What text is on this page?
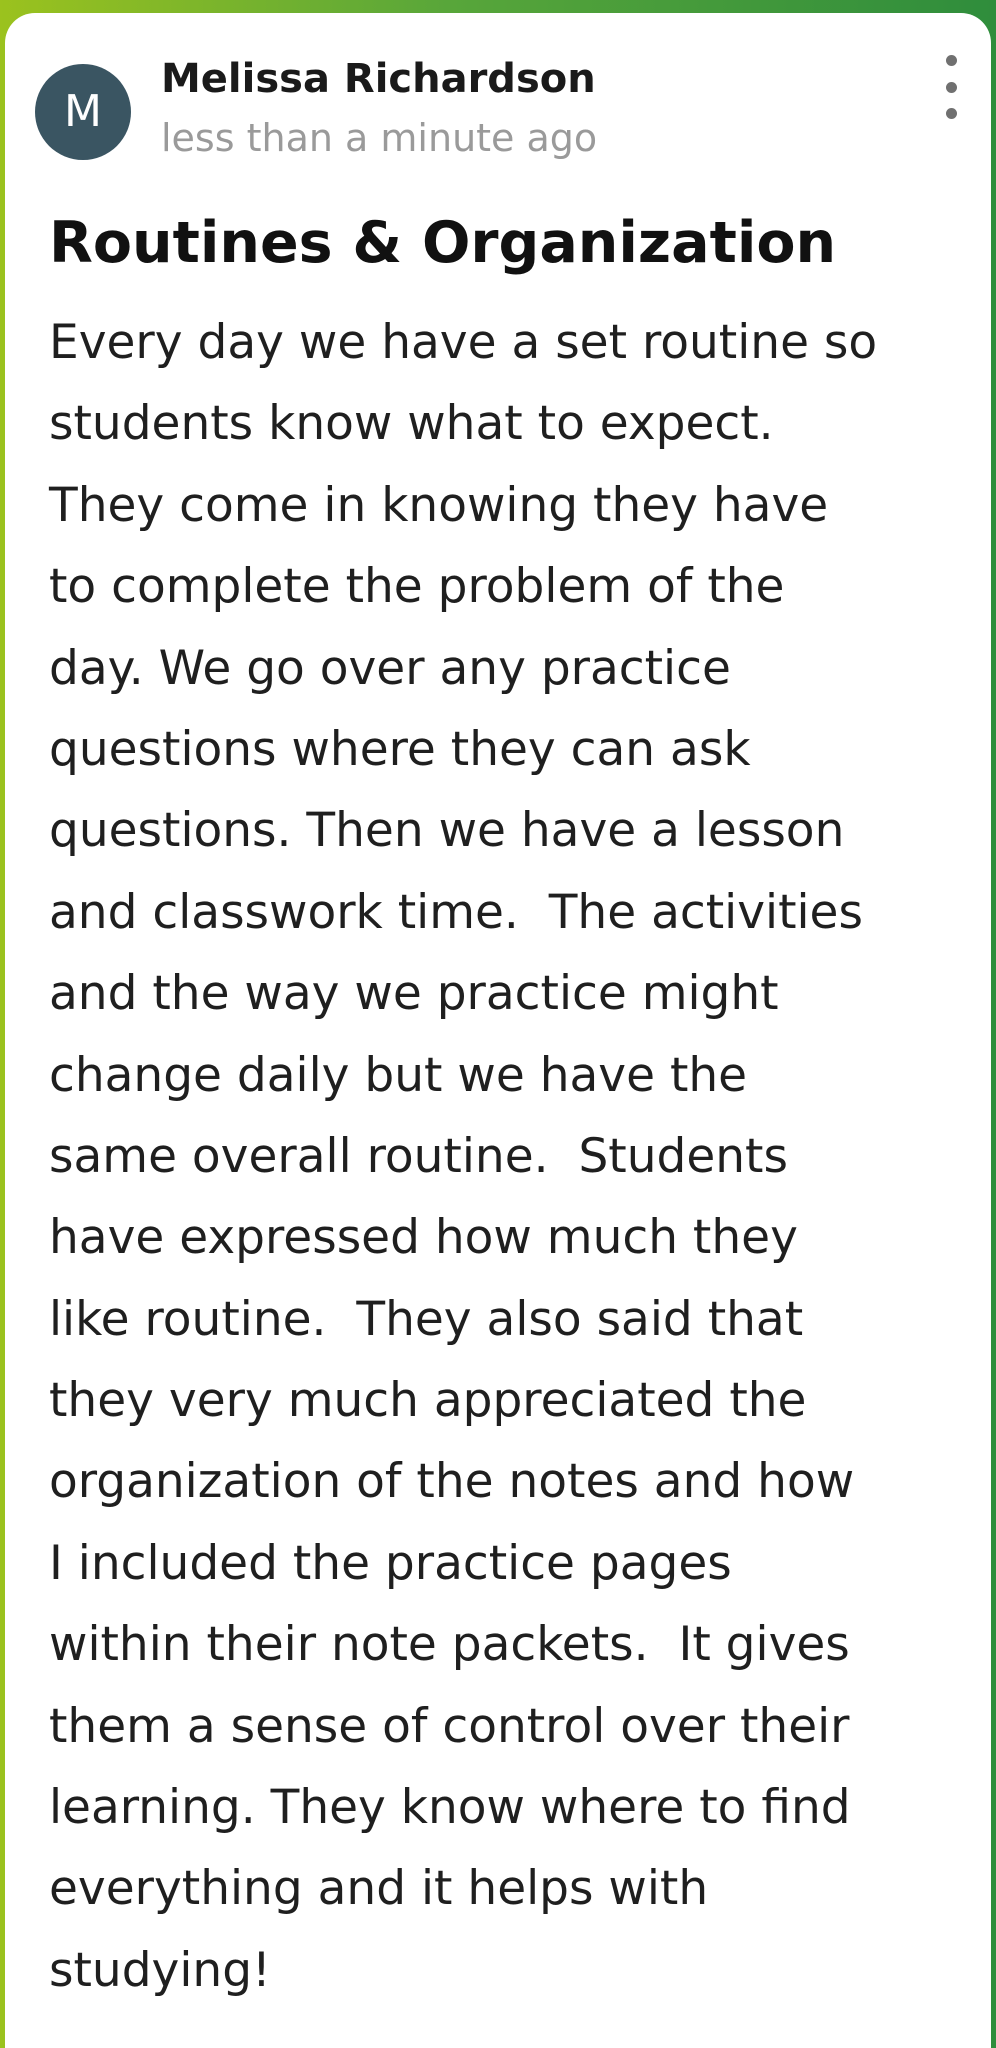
M
Melissa Richardson
less than a minute ago
Routines & Organization
Every day we have a set routine so
students know what to expect.
They come in knowing they have
to complete the problem of the
day. We go over any practice
questions where they can ask
questions. Then we have a lesson
and classwork time.  The activities
and the way we practice might
change daily but we have the
same overall routine.  Students
have expressed how much they
like routine.  They also said that
they very much appreciated the
organization of the notes and how
I included the practice pages
within their note packets.  It gives
them a sense of control over their
learning. They know where to find
everything and it helps with
studying!
